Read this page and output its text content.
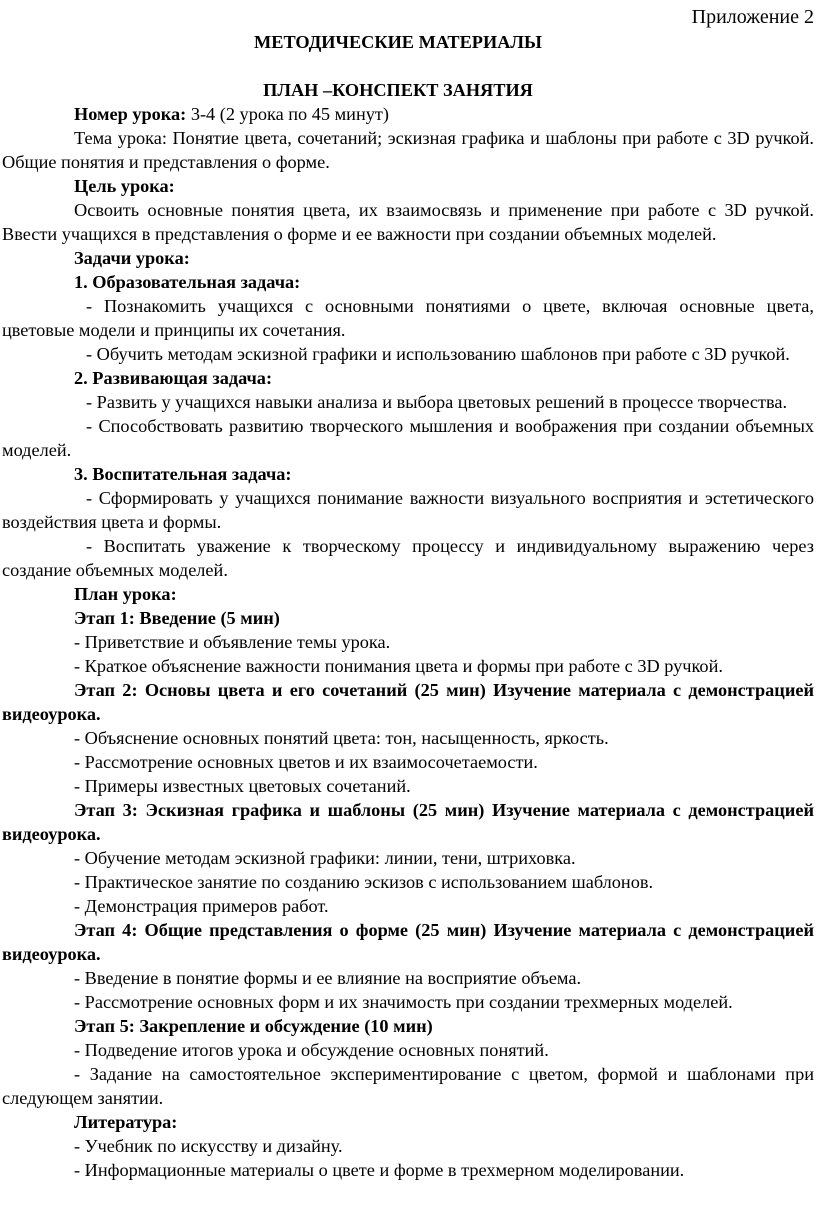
Приложение 2
МЕТОДИЧЕСКИЕ МАТЕРИАЛЫ
ПЛАН –КОНСПЕКТ ЗАНЯТИЯ

Номер урока: 3-4 (2 урока по 45 минут)

Тема урока: Понятие цвета, сочетаний; эскизная графика и шаблоны при работе с 3D ручкой. Общие понятия и представления о форме.

Цель урока:

Освоить основные понятия цвета, их взаимосвязь и применение при работе с 3D ручкой. Ввести учащихся в представления о форме и ее важности при создании объемных моделей.

Задачи урока:

1. Образовательная задача:

- Познакомить учащихся с основными понятиями о цвете, включая основные цвета, цветовые модели и принципы их сочетания.

- Обучить методам эскизной графики и использованию шаблонов при работе с 3D ручкой.

2. Развивающая задача:

- Развить у учащихся навыки анализа и выбора цветовых решений в процессе творчества.

- Способствовать развитию творческого мышления и воображения при создании объемных моделей.

3. Воспитательная задача:

- Сформировать у учащихся понимание важности визуального восприятия и эстетического воздействия цвета и формы.

- Воспитать уважение к творческому процессу и индивидуальному выражению через создание объемных моделей.

План урока:

Этап 1: Введение (5 мин)

- Приветствие и объявление темы урока.

- Краткое объяснение важности понимания цвета и формы при работе с 3D ручкой.

Этап 2: Основы цвета и его сочетаний (25 мин) Изучение материала с демонстрацией видеоурока.

- Объяснение основных понятий цвета: тон, насыщенность, яркость.

- Рассмотрение основных цветов и их взаимосочетаемости.

- Примеры известных цветовых сочетаний.

Этап 3: Эскизная графика и шаблоны (25 мин) Изучение материала с демонстрацией видеоурока.

- Обучение методам эскизной графики: линии, тени, штриховка.

- Практическое занятие по созданию эскизов с использованием шаблонов.

- Демонстрация примеров работ.

Этап 4: Общие представления о форме (25 мин) Изучение материала с демонстрацией видеоурока.

- Введение в понятие формы и ее влияние на восприятие объема.

- Рассмотрение основных форм и их значимость при создании трехмерных моделей.

Этап 5: Закрепление и обсуждение (10 мин)

- Подведение итогов урока и обсуждение основных понятий.

- Задание на самостоятельное экспериментирование с цветом, формой и шаблонами при следующем занятии.

Литература:

- Учебник по искусству и дизайну.

- Информационные материалы о цвете и форме в трехмерном моделировании.
